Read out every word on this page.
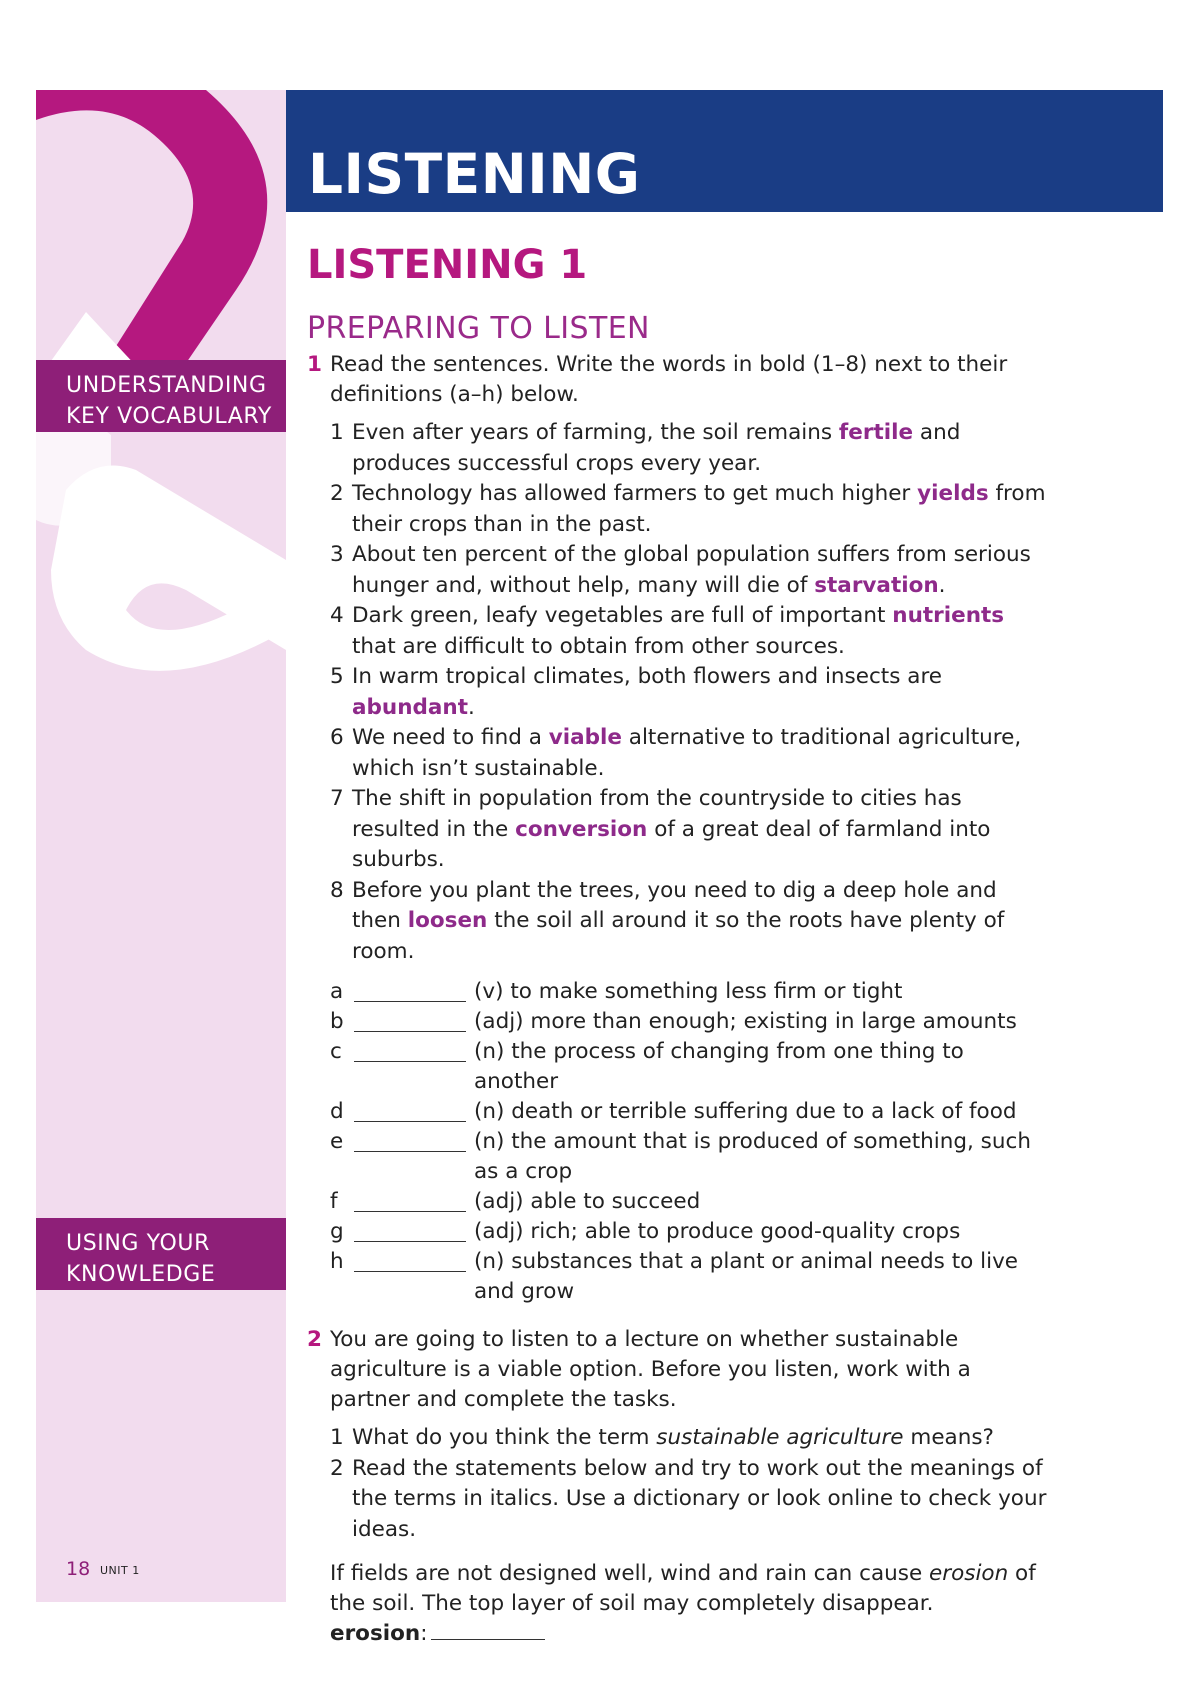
LISTENING
UNDERSTANDING
KEY VOCABULARY
USING YOUR
KNOWLEDGE
18 UNIT 1
LISTENING 1
PREPARING TO LISTEN
1 Read the sentences. Write the words in bold (1–8) next to their definitions (a–h) below.
1 Even after years of farming, the soil remains fertile and produces successful crops every year.
2 Technology has allowed farmers to get much higher yields from their crops than in the past.
3 About ten percent of the global population suffers from serious hunger and, without help, many will die of starvation.
4 Dark green, leafy vegetables are full of important nutrients that are difficult to obtain from other sources.
5 In warm tropical climates, both flowers and insects are abundant.
6 We need to find a viable alternative to traditional agriculture, which isn’t sustainable.
7 The shift in population from the countryside to cities has resulted in the conversion of a great deal of farmland into suburbs.
8 Before you plant the trees, you need to dig a deep hole and then loosen the soil all around it so the roots have plenty of room.
a	(v) to make something less firm or tight
b	(adj) more than enough; existing in large amounts
c	(n) the process of changing from one thing to another
d	(n) death or terrible suffering due to a lack of food
e	(n) the amount that is produced of something, such as a crop
f	(adj) able to succeed
g	(adj) rich; able to produce good-quality crops
h	(n) substances that a plant or animal needs to live and grow
2 You are going to listen to a lecture on whether sustainable agriculture is a viable option. Before you listen, work with a partner and complete the tasks.
1 What do you think the term sustainable agriculture means?
2 Read the statements below and try to work out the meanings of the terms in italics. Use a dictionary or look online to check your ideas.
If fields are not designed well, wind and rain can cause erosion of the soil. The top layer of soil may completely disappear.
erosion:
